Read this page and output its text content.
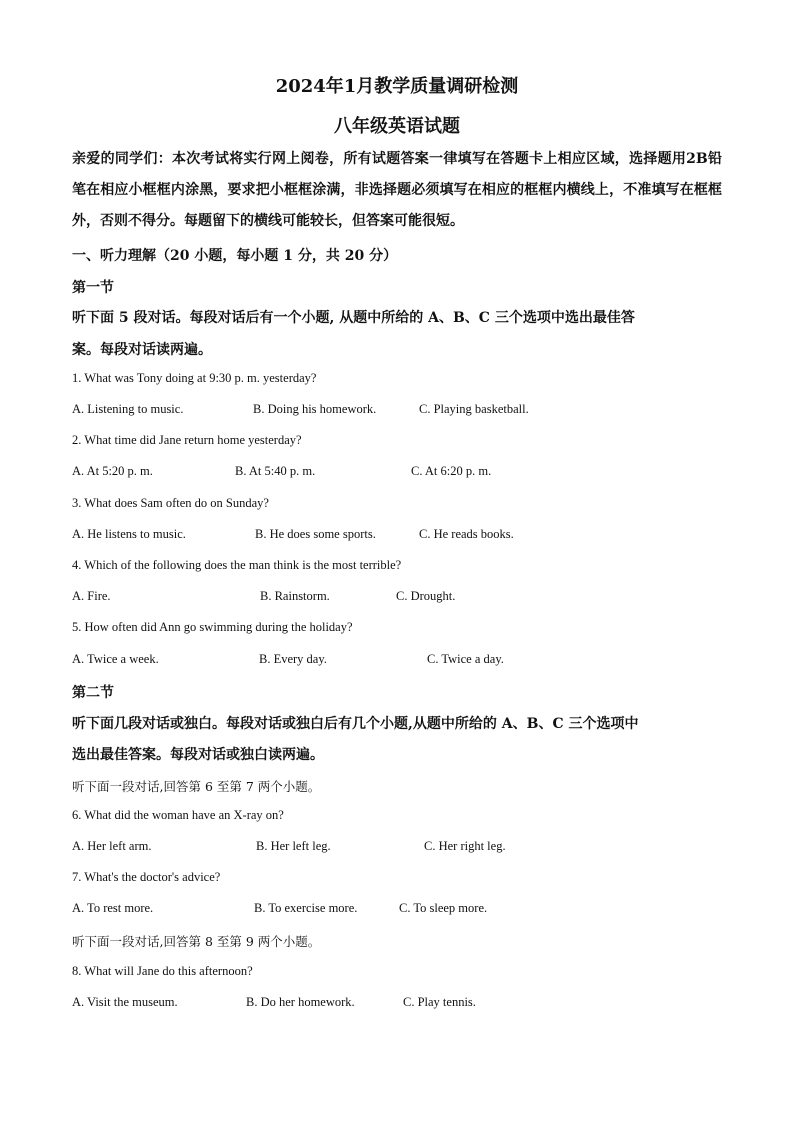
2024年1月教学质量调研检测
八年级英语试题
亲爱的同学们：本次考试将实行网上阅卷，所有试题答案一律填写在答题卡上相应区域，选择题用2B铅笔在相应小框框内涂黑，要求把小框框涂满，非选择题必须填写在相应的框框内横线上，不准填写在框框外，否则不得分。每题留下的横线可能较长，但答案可能很短。
一、听力理解（20 小题，每小题 1 分，共 20 分）
第一节
听下面 5 段对话。每段对话后有一个小题, 从题中所给的 A、B、C 三个选项中选出最佳答
案。每段对话读两遍。
1. What was Tony doing at 9:30 p. m. yesterday?
A. Listening to music.	B. Doing his homework.	C. Playing basketball.
2. What time did Jane return home yesterday?
A. At 5:20 p. m.	B. At 5:40 p. m.	C. At 6:20 p. m.
3. What does Sam often do on Sunday?
A. He listens to music.	B. He does some sports.	C. He reads books.
4. Which of the following does the man think is the most terrible?
A. Fire.	B. Rainstorm.	C. Drought.
5. How often did Ann go swimming during the holiday?
A. Twice a week.	B. Every day.	C. Twice a day.
第二节
听下面几段对话或独白。每段对话或独白后有几个小题,从题中所给的 A、B、C 三个选项中
选出最佳答案。每段对话或独白读两遍。
听下面一段对话,回答第 6 至第 7 两个小题。
6. What did the woman have an X-ray on?
A. Her left arm.	B. Her left leg.	C. Her right leg.
7. What's the doctor's advice?
A. To rest more.	B. To exercise more.	C. To sleep more.
听下面一段对话,回答第 8 至第 9 两个小题。
8. What will Jane do this afternoon?
A. Visit the museum.	B. Do her homework.	C. Play tennis.
